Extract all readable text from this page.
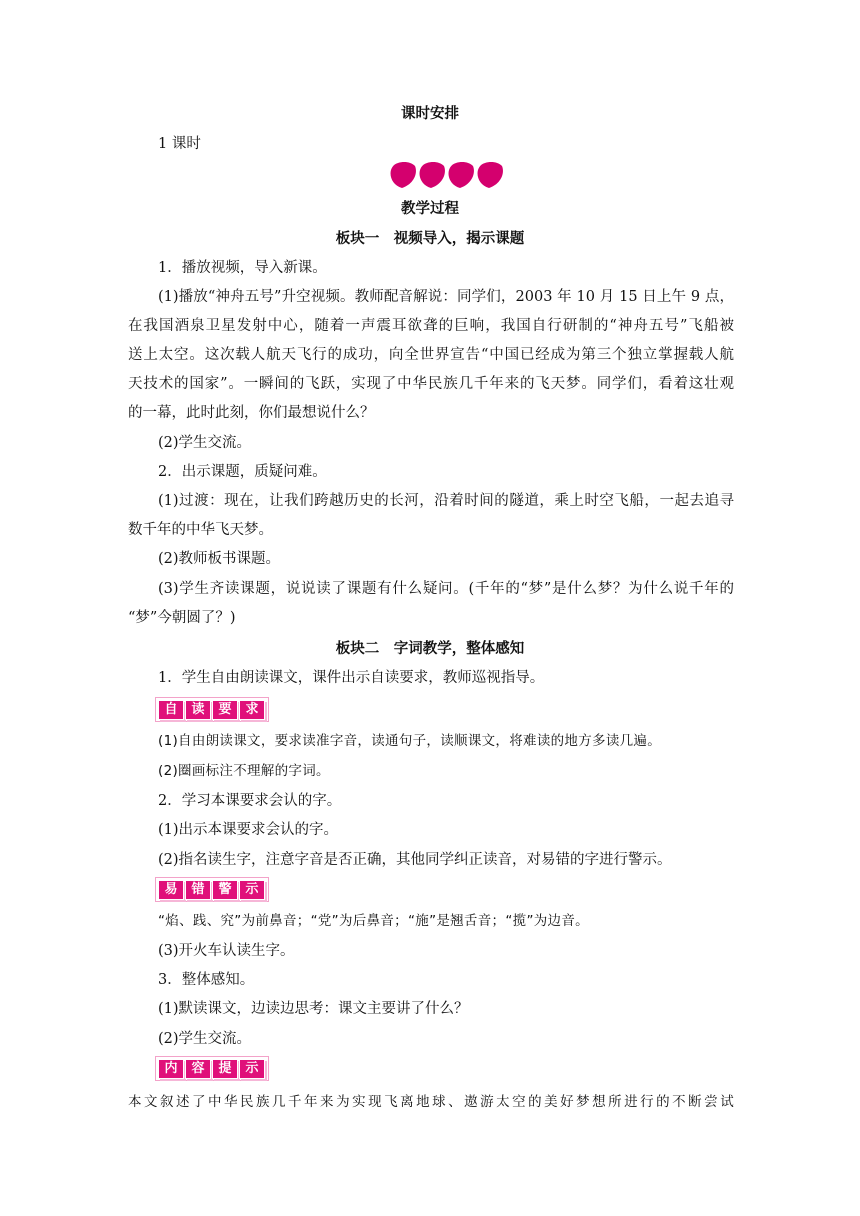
课时安排
1 课时
教学过程
板块一　视频导入，揭示课题
1．播放视频，导入新课。
(1)播放“神舟五号”升空视频。教师配音解说：同学们，2003 年 10 月 15 日上午 9 点，
在我国酒泉卫星发射中心，随着一声震耳欲聋的巨响，我国自行研制的“神舟五号”飞船被
送上太空。这次载人航天飞行的成功，向全世界宣告“中国已经成为第三个独立掌握载人航
天技术的国家”。一瞬间的飞跃，实现了中华民族几千年来的飞天梦。同学们，看着这壮观
的一幕，此时此刻，你们最想说什么？
(2)学生交流。
2．出示课题，质疑问难。
(1)过渡：现在，让我们跨越历史的长河，沿着时间的隧道，乘上时空飞船，一起去追寻
数千年的中华飞天梦。
(2)教师板书课题。
(3)学生齐读课题，说说读了课题有什么疑问。(千年的“梦”是什么梦？为什么说千年的
“梦”今朝圆了？)
板块二　字词教学，整体感知
1．学生自由朗读课文，课件出示自读要求，教师巡视指导。
自	读	要	求
(1)自由朗读课文，要求读准字音，读通句子，读顺课文，将难读的地方多读几遍。
(2)圈画标注不理解的字词。
2．学习本课要求会认的字。
(1)出示本课要求会认的字。
(2)指名读生字，注意字音是否正确，其他同学纠正读音，对易错的字进行警示。
易	错	警	示
“焰、践、究”为前鼻音；“党”为后鼻音；“施”是翘舌音；“揽”为边音。
(3)开火车认读生字。
3．整体感知。
(1)默读课文，边读边思考：课文主要讲了什么？
(2)学生交流。
内	容	提	示
本文叙述了中华民族几千年来为实现飞离地球、遨游太空的美好梦想所进行的不断尝试
